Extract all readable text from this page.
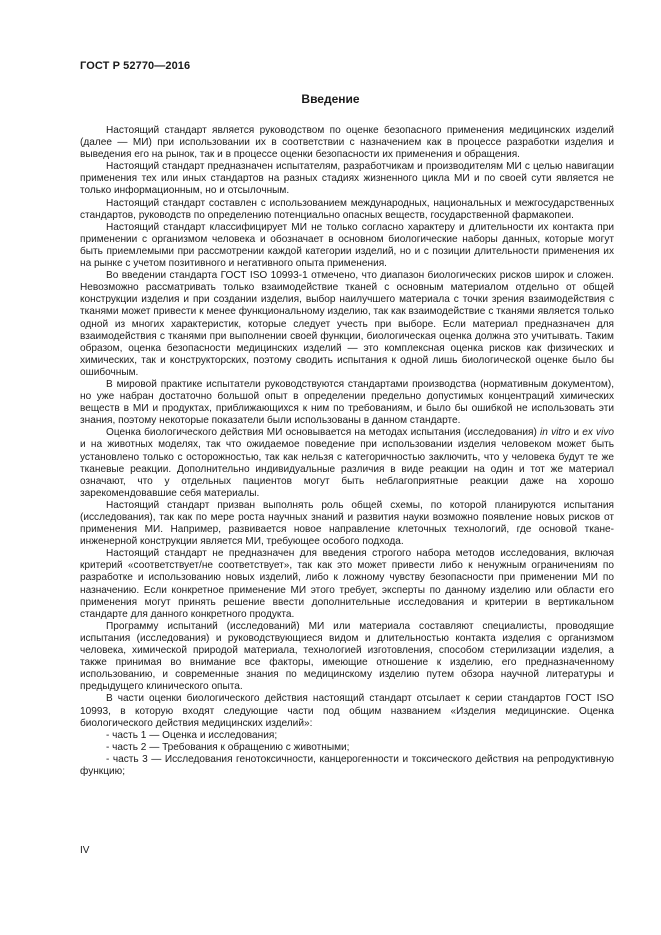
ГОСТ Р 52770—2016
Введение

Настоящий стандарт является руководством по оценке безопасного применения медицинских изделий (далее — МИ) при использовании их в соответствии с назначением как в процессе разработки изделия и выведения его на рынок, так и в процессе оценки безопасности их применения и обращения.

Настоящий стандарт предназначен испытателям, разработчикам и производителям МИ с целью навигации применения тех или иных стандартов на разных стадиях жизненного цикла МИ и по своей сути является не только информационным, но и отсылочным.

Настоящий стандарт составлен с использованием международных, национальных и межгосударственных стандартов, руководств по определению потенциально опасных веществ, государственной фармакопеи.

Настоящий стандарт классифицирует МИ не только согласно характеру и длительности их контакта при применении с организмом человека и обозначает в основном биологические наборы данных, которые могут быть приемлемыми при рассмотрении каждой категории изделий, но и с позиции длительности применения их на рынке с учетом позитивного и негативного опыта применения.

Во введении стандарта ГОСТ ISO 10993-1 отмечено, что диапазон биологических рисков широк и сложен. Невозможно рассматривать только взаимодействие тканей с основным материалом отдельно от общей конструкции изделия и при создании изделия, выбор наилучшего материала с точки зрения взаимодействия с тканями может привести к менее функциональному изделию, так как взаимодействие с тканями является только одной из многих характеристик, которые следует учесть при выборе. Если материал предназначен для взаимодействия с тканями при выполнении своей функции, биологическая оценка должна это учитывать. Таким образом, оценка безопасности медицинских изделий — это комплексная оценка рисков как физических и химических, так и конструкторских, поэтому сводить испытания к одной лишь биологической оценке было бы ошибочным.

В мировой практике испытатели руководствуются стандартами производства (нормативным документом), но уже набран достаточно большой опыт в определении предельно допустимых концентраций химических веществ в МИ и продуктах, приближающихся к ним по требованиям, и было бы ошибкой не использовать эти знания, поэтому некоторые показатели были использованы в данном стандарте.

Оценка биологического действия МИ основывается на методах испытания (исследования) in vitro и ex vivo и на животных моделях, так что ожидаемое поведение при использовании изделия человеком может быть установлено только с осторожностью, так как нельзя с категоричностью заключить, что у человека будут те же тканевые реакции. Дополнительно индивидуальные различия в виде реакции на один и тот же материал означают, что у отдельных пациентов могут быть неблагоприятные реакции даже на хорошо зарекомендовавшие себя материалы.

Настоящий стандарт призван выполнять роль общей схемы, по которой планируются испытания (исследования), так как по мере роста научных знаний и развития науки возможно появление новых рисков от применения МИ. Например, развивается новое направление клеточных технологий, где основой ткане-инженерной конструкции является МИ, требующее особого подхода.

Настоящий стандарт не предназначен для введения строгого набора методов исследования, включая критерий «соответствует/не соответствует», так как это может привести либо к ненужным ограничениям по разработке и использованию новых изделий, либо к ложному чувству безопасности при применении МИ по назначению. Если конкретное применение МИ этого требует, эксперты по данному изделию или области его применения могут принять решение ввести дополнительные исследования и критерии в вертикальном стандарте для данного конкретного продукта.

Программу испытаний (исследований) МИ или материала составляют специалисты, проводящие испытания (исследования) и руководствующиеся видом и длительностью контакта изделия с организмом человека, химической природой материала, технологией изготовления, способом стерилизации изделия, а также принимая во внимание все факторы, имеющие отношение к изделию, его предназначенному использованию, и современные знания по медицинскому изделию путем обзора научной литературы и предыдущего клинического опыта.

В части оценки биологического действия настоящий стандарт отсылает к серии стандартов ГОСТ ISO 10993, в которую входят следующие части под общим названием «Изделия медицинские. Оценка биологического действия медицинских изделий»:

- часть 1 — Оценка и исследования;

- часть 2 — Требования к обращению с животными;

- часть 3 — Исследования генотоксичности, канцерогенности и токсического действия на репродуктивную функцию;

IV
